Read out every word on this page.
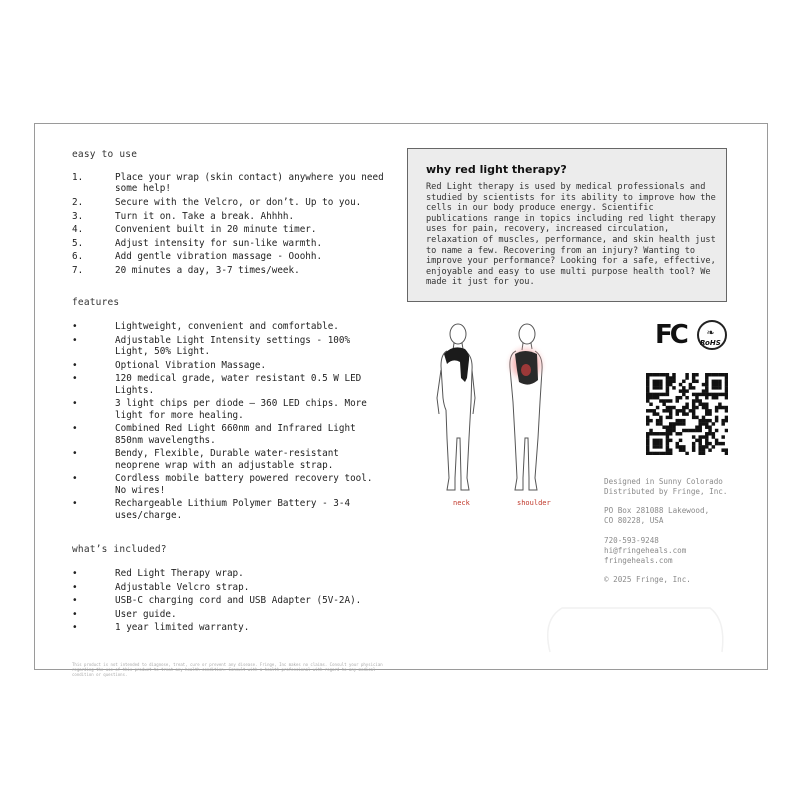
easy to use
1.	Place your wrap (skin contact) anywhere you need some help!
2.	Secure with the Velcro, or don’t. Up to you.
3.	Turn it on. Take a break. Ahhhh.
4.	Convenient built in 20 minute timer.
5.	Adjust intensity for sun-like warmth.
6.	Add gentle vibration massage - Ooohh.
7.	20 minutes a day, 3-7 times/week.
features
•	Lightweight, convenient and comfortable.
•	Adjustable Light Intensity settings - 100% Light, 50% Light.
•	Optional Vibration Massage.
•	120 medical grade, water resistant 0.5 W LED Lights.
•	3 light chips per diode – 360 LED chips. More light for more healing.
•	Combined Red Light 660nm and Infrared Light 850nm wavelengths.
•	Bendy, Flexible, Durable water-resistant neoprene wrap with an adjustable strap.
•	Cordless mobile battery powered recovery tool. No wires!
•	Rechargeable Lithium Polymer Battery - 3-4 uses/charge.
what’s included?
•	Red Light Therapy wrap.
•	Adjustable Velcro strap.
•	USB-C charging cord and USB Adapter (5V-2A).
•	User guide.
•	1 year limited warranty.
why red light therapy?
Red Light therapy is used by medical professionals and studied by scientists for its ability to improve how the cells in our body produce energy. Scientific publications range in topics including red light therapy uses for pain, recovery, increased circulation, relaxation of muscles, performance, and skin health just to name a few. Recovering from an injury? Wanting to improve your performance? Looking for a safe, effective, enjoyable and easy to use multi purpose health tool? We made it just for you.
neck	shoulder
FC ❧
RoHS
Designed in Sunny Colorado
Distributed by Fringe, Inc.
PO Box 281088 Lakewood,
CO 80228, USA
720-593-9248
hi@fringeheals.com
fringeheals.com
© 2025 Fringe, Inc.
This product is not intended to diagnose, treat, cure or prevent any disease. Fringe, Inc makes no claims. Consult your physician regarding the use of this product to treat any health condition. Consult with a health professional with regard to any medical condition or questions.
